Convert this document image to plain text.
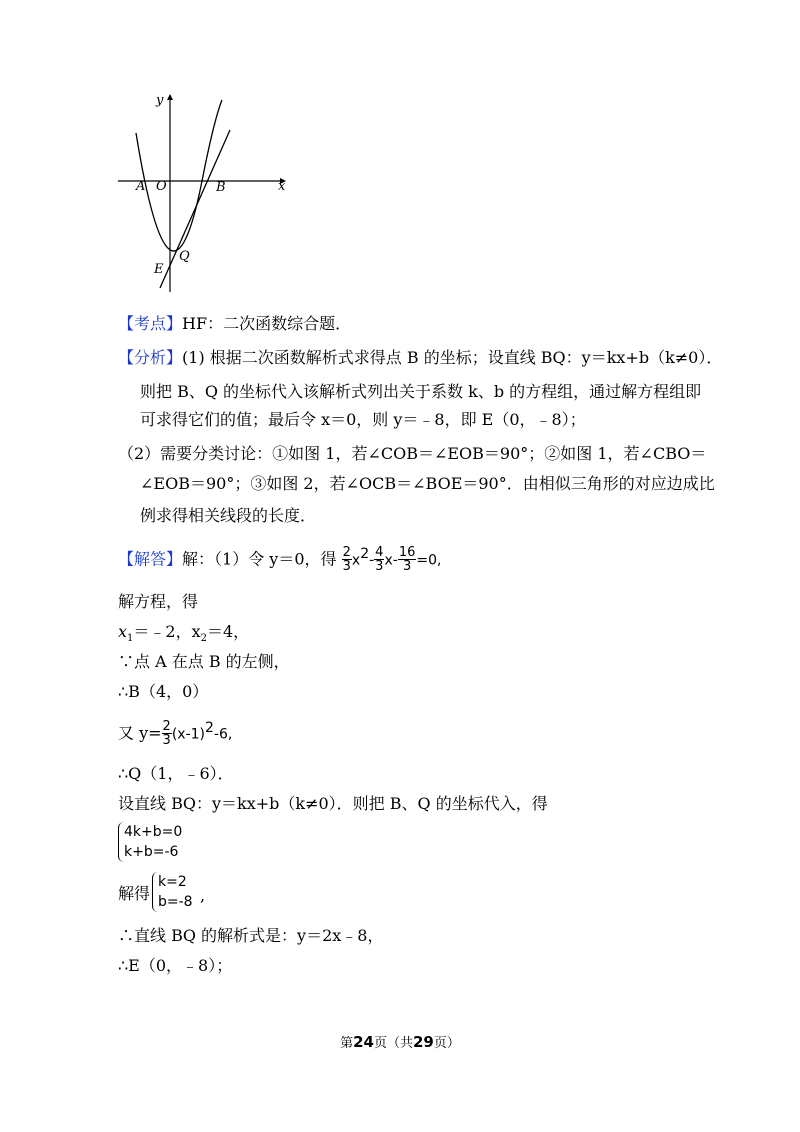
y
x
A O	B
Q
E
【考点】HF：二次函数综合题．
【分析】(1) 根据二次函数解析式求得点 B 的坐标；设直线 BQ：y＝kx+b（k≠0）．
则把 B、Q 的坐标代入该解析式列出关于系数 k、b 的方程组，通过解方程组即
可求得它们的值；最后令 x＝0，则 y＝﹣8，即 E（0，﹣8）；
（2）需要分类讨论：①如图 1，若∠COB＝∠EOB＝90°；②如图 1，若∠CBO＝
∠EOB＝90°；③如图 2，若∠OCB＝∠BOE＝90°．由相似三角形的对应边成比
例求得相关线段的长度．
【解答】解：（1）令 y＝0，得 $\frac{2}{3} x^2- \frac{4}{3} x- \frac{16}{3} =0$,
解方程，得
$x_1=﹣2$，$x_2=4$，
∵点 A 在点 B 的左侧，
∴B（4，0）
又 $y= \frac{2}{3} (x-1)^2-6$,
∴Q（1，﹣6）．
设直线 BQ：y＝kx+b（k≠0）．则把 B、Q 的坐标代入，得
4k+b=0
k+b=-6
解得
k=2
b=-8 ,
∴直线 BQ 的解析式是：y＝2x﹣8，
∴E（0，﹣8）；
第24页（共29页）
